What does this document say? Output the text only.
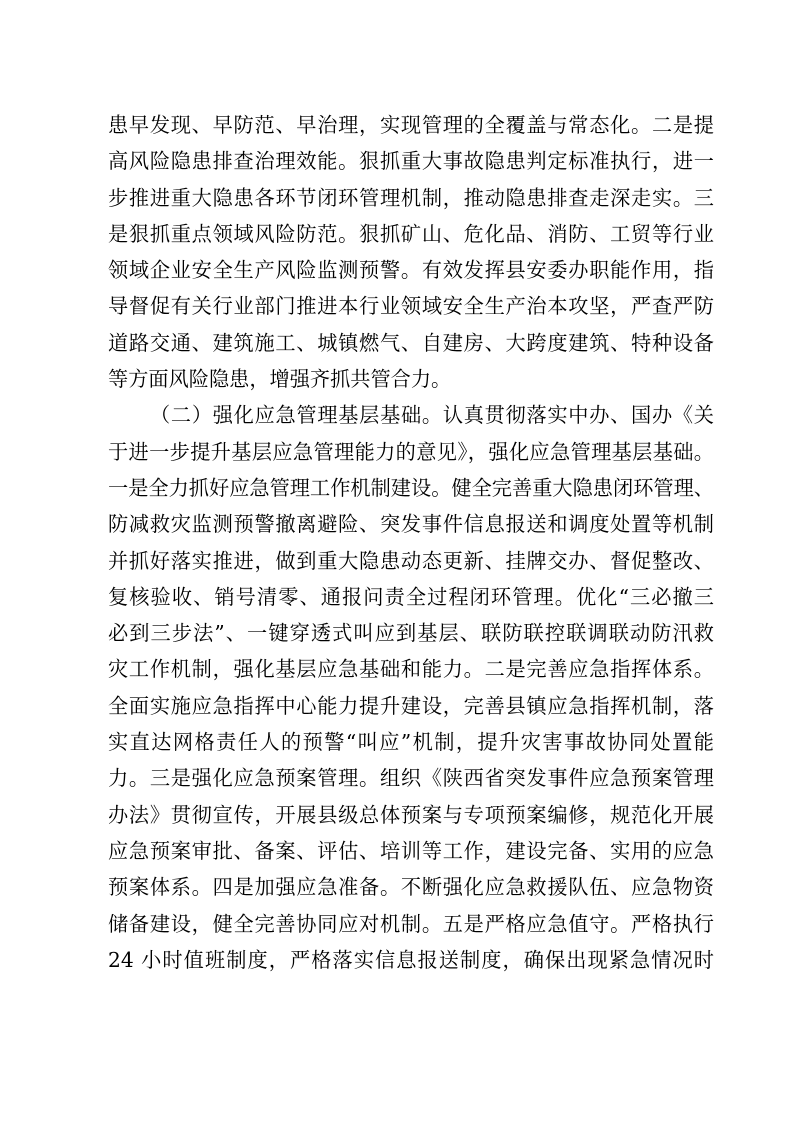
患早发现、早防范、早治理，实现管理的全覆盖与常态化。二是提
高风险隐患排查治理效能。狠抓重大事故隐患判定标准执行，进一
步推进重大隐患各环节闭环管理机制，推动隐患排查走深走实。三
是狠抓重点领域风险防范。狠抓矿山、危化品、消防、工贸等行业
领域企业安全生产风险监测预警。有效发挥县安委办职能作用，指
导督促有关行业部门推进本行业领域安全生产治本攻坚，严查严防
道路交通、建筑施工、城镇燃气、自建房、大跨度建筑、特种设备
等方面风险隐患，增强齐抓共管合力。
（二）强化应急管理基层基础。认真贯彻落实中办、国办《关
于进一步提升基层应急管理能力的意见》，强化应急管理基层基础。
一是全力抓好应急管理工作机制建设。健全完善重大隐患闭环管理、
防减救灾监测预警撤离避险、突发事件信息报送和调度处置等机制
并抓好落实推进，做到重大隐患动态更新、挂牌交办、督促整改、
复核验收、销号清零、通报问责全过程闭环管理。优化“三必撤三
必到三步法”、一键穿透式叫应到基层、联防联控联调联动防汛救
灾工作机制，强化基层应急基础和能力。二是完善应急指挥体系。
全面实施应急指挥中心能力提升建设，完善县镇应急指挥机制，落
实直达网格责任人的预警“叫应”机制，提升灾害事故协同处置能
力。三是强化应急预案管理。组织《陕西省突发事件应急预案管理
办法》贯彻宣传，开展县级总体预案与专项预案编修，规范化开展
应急预案审批、备案、评估、培训等工作，建设完备、实用的应急
预案体系。四是加强应急准备。不断强化应急救援队伍、应急物资
储备建设，健全完善协同应对机制。五是严格应急值守。严格执行
24 小时值班制度，严格落实信息报送制度，确保出现紧急情况时
